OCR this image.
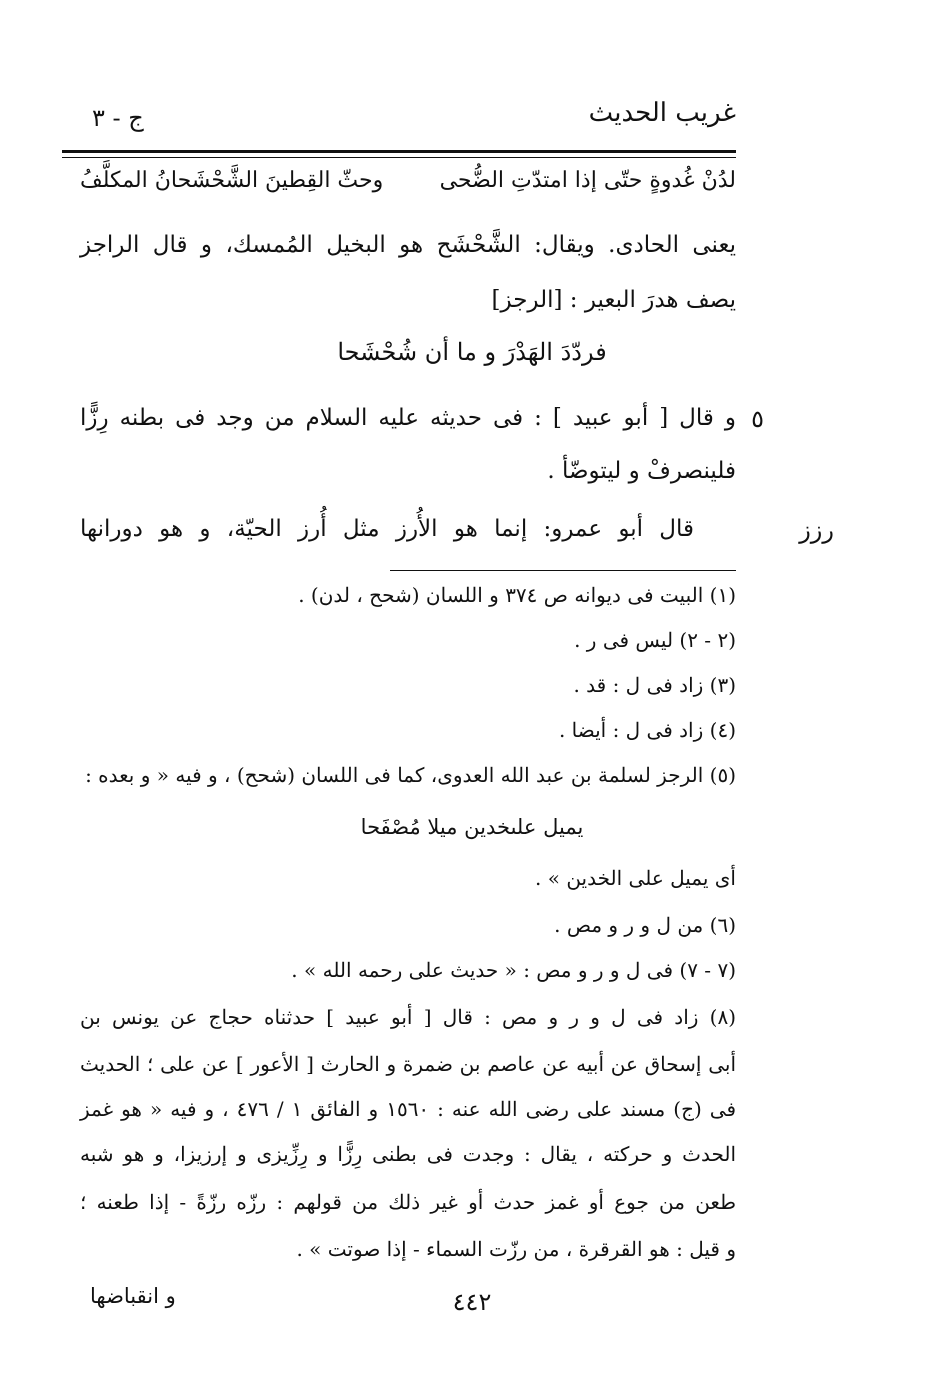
غريب الحديث
ج - ٣
وحثّ القِطينَ الشَّحْشَحانُ المكلَّفُ	لدُنْ غُدوةٍ حتّى إذا امتدّتِ الضُّحى
يعنى الحادى. ويقال: الشَّحْشَح هو البخيل المُمسك، و قال الراجز
يصف هدرَ البعير : [الرجز]
فردّدَ الهَدْرَ و ما أن شُحْشَحا
٥
و قال [ أبو عبيد ] : فى حديثه عليه السلام من وجد فى بطنه رِزًّا
فلينصرفْ و ليتوضّأ .
رزز
قال أبو عمرو: إنما هو الأُرز مثل أُرز الحيّة، و هو دورانها
(١) البيت فى ديوانه ص ٣٧٤ و اللسان (شحح ، لدن) .
(٢ - ٢) ليس فى ر .
(٣) زاد فى ل : قد .
(٤) زاد فى ل : أيضا .
(٥) الرجز لسلمة بن عبد الله العدوى، كما فى اللسان (شحح) ، و فيه « و بعده :
يميل علىخدين ميلا مُصْفَحا
أى يميل على الخدين » .
(٦) من ل و ر و مص .
(٧ - ٧) فى ل و ر و مص : « حديث على رحمه الله » .
(٨) زاد فى ل و ر و مص : قال [ أبو عبيد ] حدثناه حجاج عن يونس بن
أبى إسحاق عن أبيه عن عاصم بن ضمرة و الحارث [ الأعور ] عن على ؛ الحديث
فى (ج) مسند على رضى الله عنه : ١٥٦٠ و الفائق ١ / ٤٧٦ ، و فيه « هو غمز
الحدث و حركته ، يقال : وجدت فى بطنى رِزًّا و رِزِّيزى و إرزيزا، و هو شبه
طعن من جوع أو غمز حدث أو غير ذلك من قولهم : رزّه رزّةً - إذا طعنه ؛
و قيل : هو القرقرة ، من رزّت السماء - إذا صوتت » .
٤٤٢
و انقباضها
